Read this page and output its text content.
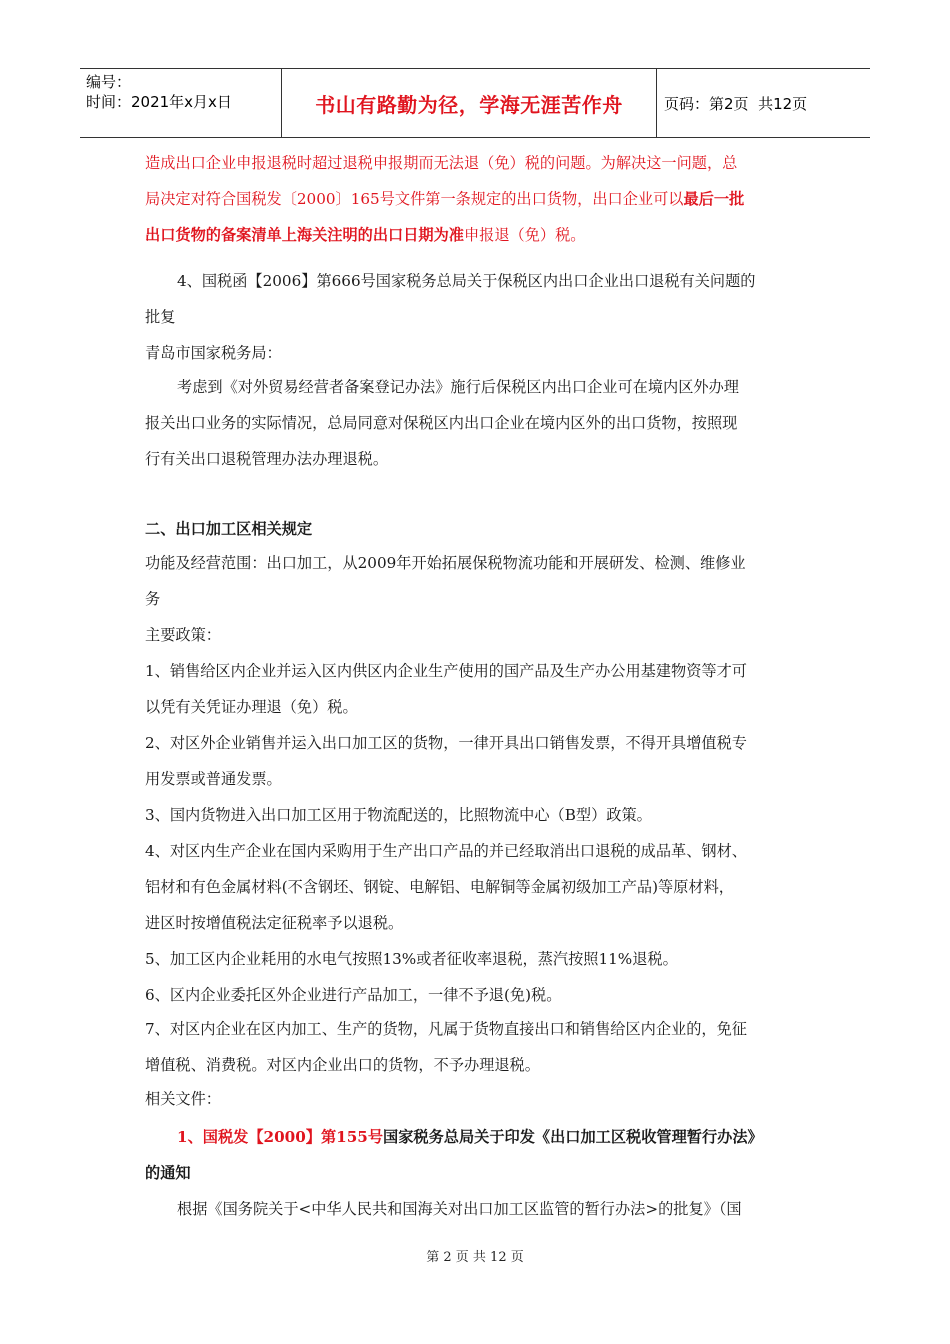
编号：
时间：2021年x月x日	书山有路勤为径，学海无涯苦作舟	页码：第2页  共12页
造成出口企业申报退税时超过退税申报期而无法退（免）税的问题。为解决这一问题，总
局决定对符合国税发〔2000〕165号文件第一条规定的出口货物，出口企业可以最后一批
出口货物的备案清单上海关注明的出口日期为准申报退（免）税。
4、国税函【2006】第666号国家税务总局关于保税区内出口企业出口退税有关问题的
批复
青岛市国家税务局：
考虑到《对外贸易经营者备案登记办法》施行后保税区内出口企业可在境内区外办理
报关出口业务的实际情况，总局同意对保税区内出口企业在境内区外的出口货物，按照现
行有关出口退税管理办法办理退税。
二、出口加工区相关规定
功能及经营范围：出口加工，从2009年开始拓展保税物流功能和开展研发、检测、维修业
务
主要政策：
1、销售给区内企业并运入区内供区内企业生产使用的国产品及生产办公用基建物资等才可
以凭有关凭证办理退（免）税。
2、对区外企业销售并运入出口加工区的货物，一律开具出口销售发票，不得开具增值税专
用发票或普通发票。
3、国内货物进入出口加工区用于物流配送的，比照物流中心（B型）政策。
4、对区内生产企业在国内采购用于生产出口产品的并已经取消出口退税的成品革、钢材、
铝材和有色金属材料(不含钢坯、钢锭、电解铝、电解铜等金属初级加工产品)等原材料，
进区时按增值税法定征税率予以退税。
5、加工区内企业耗用的水电气按照13%或者征收率退税，蒸汽按照11%退税。
6、区内企业委托区外企业进行产品加工，一律不予退(免)税。
7、对区内企业在区内加工、生产的货物，凡属于货物直接出口和销售给区内企业的，免征
增值税、消费税。对区内企业出口的货物，不予办理退税。
相关文件：
1、国税发【2000】第155号国家税务总局关于印发《出口加工区税收管理暂行办法》
的通知
根据《国务院关于<中华人民共和国海关对出口加工区监管的暂行办法>的批复》（国
第 2 页 共 12 页
